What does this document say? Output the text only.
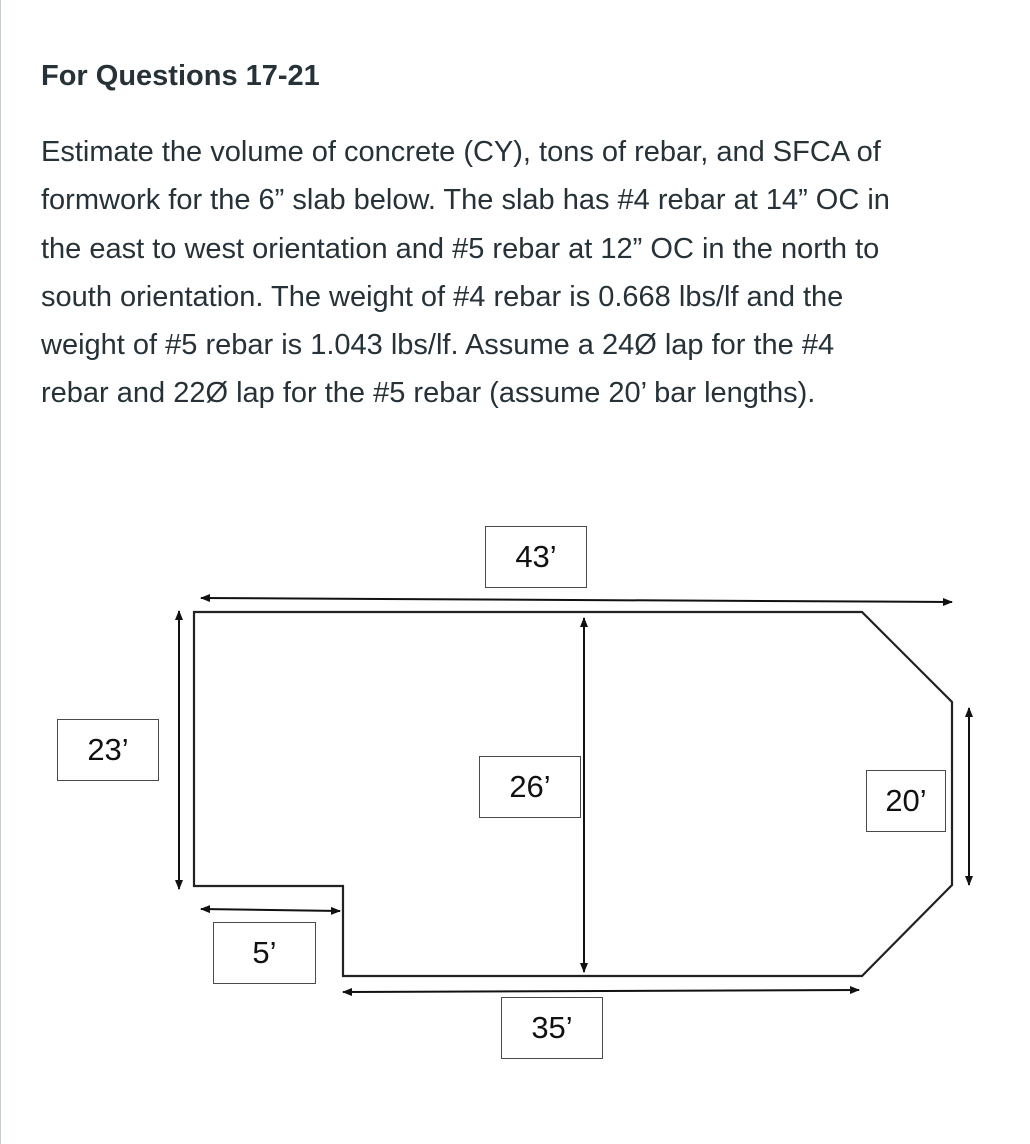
For Questions 17-21

Estimate the volume of concrete (CY), tons of rebar, and SFCA of
formwork for the 6” slab below. The slab has #4 rebar at 14” OC in
the east to west orientation and #5 rebar at 12” OC in the north to
south orientation. The weight of #4 rebar is 0.668 lbs/lf and the
weight of #5 rebar is 1.043 lbs/lf. Assume a 24Ø lap for the #4
rebar and 22Ø lap for the #5 rebar (assume 20’ bar lengths).

43’
23’
26’	20’
5’
35’
